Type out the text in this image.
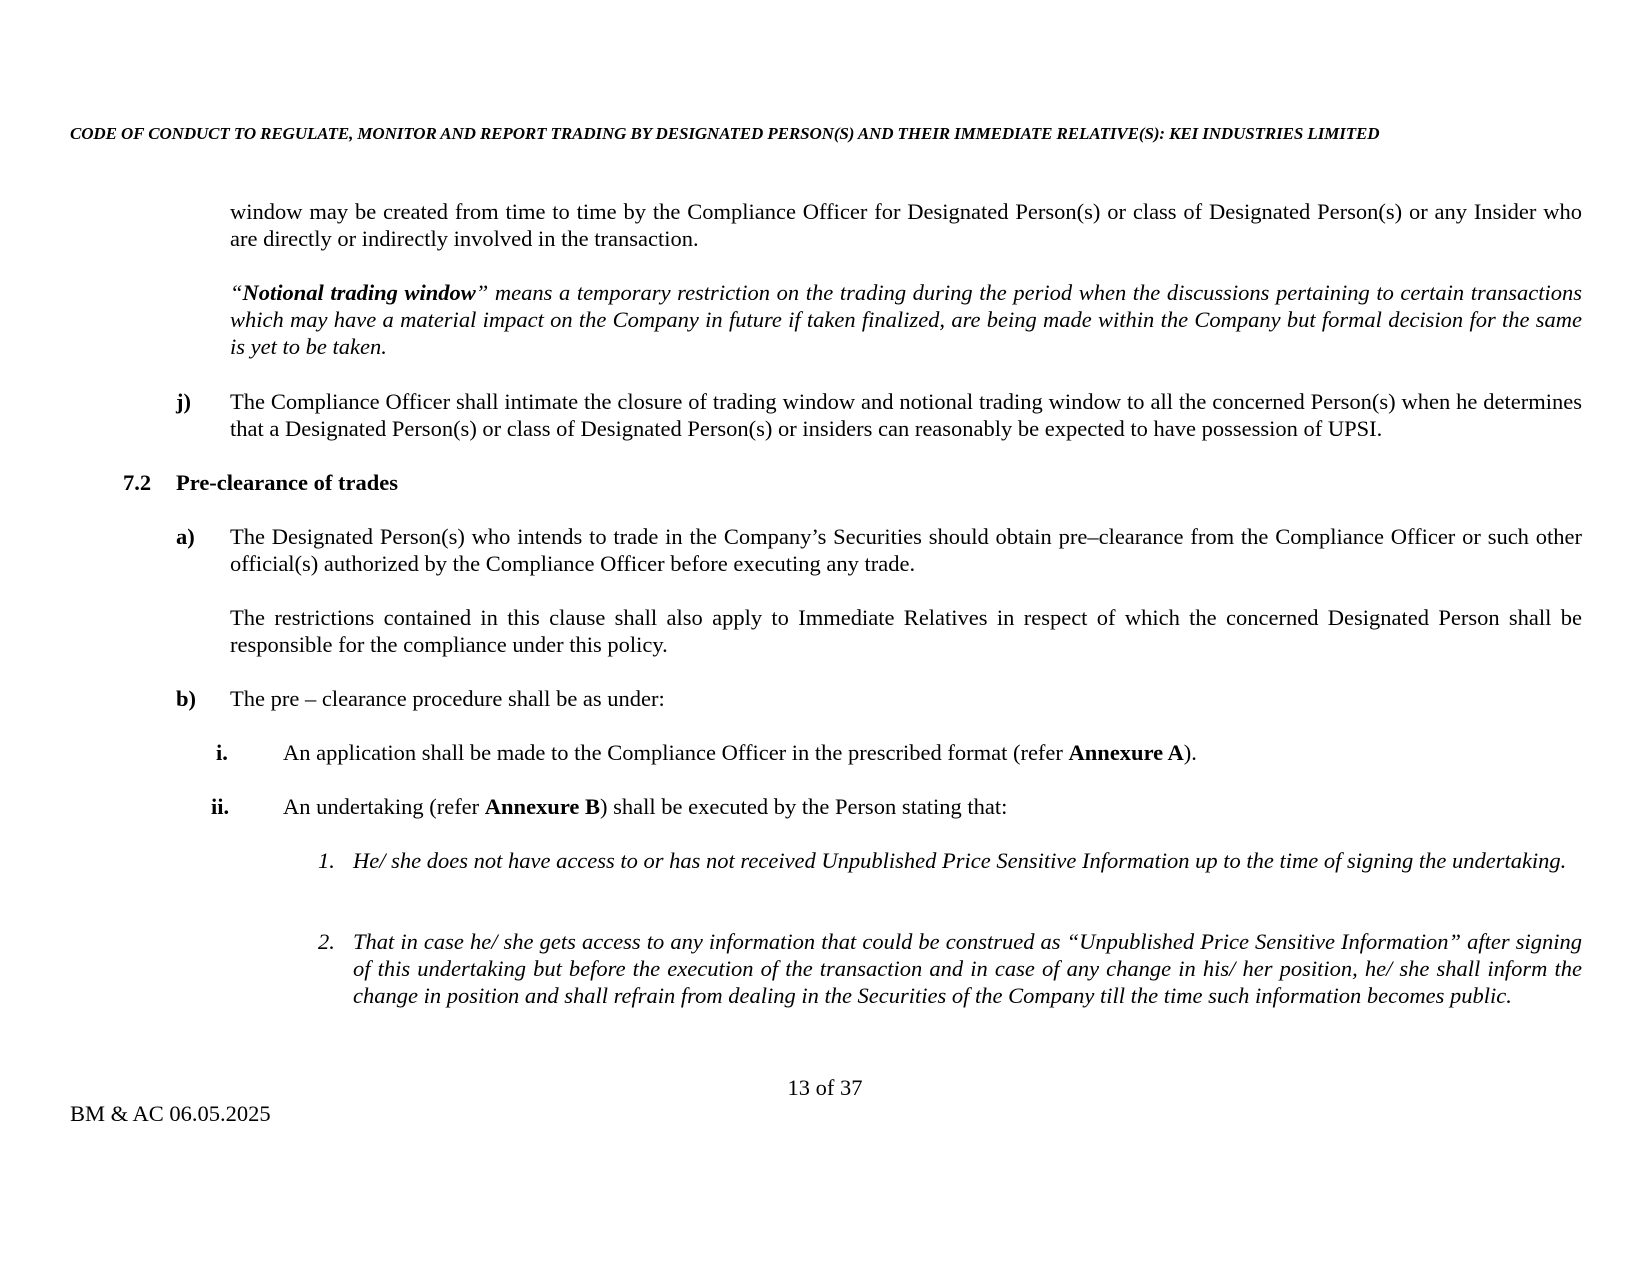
CODE OF CONDUCT TO REGULATE, MONITOR AND REPORT TRADING BY DESIGNATED PERSON(S) AND THEIR IMMEDIATE RELATIVE(S): KEI INDUSTRIES LIMITED
window may be created from time to time by the Compliance Officer for Designated Person(s) or class of Designated Person(s) or any Insider who are directly or indirectly involved in the transaction.
“Notional trading window” means a temporary restriction on the trading during the period when the discussions pertaining to certain transactions which may have a material impact on the Company in future if taken finalized, are being made within the Company but formal decision for the same is yet to be taken.
j) The Compliance Officer shall intimate the closure of trading window and notional trading window to all the concerned Person(s) when he determines that a Designated Person(s) or class of Designated Person(s) or insiders can reasonably be expected to have possession of UPSI.
7.2 Pre-clearance of trades
a) The Designated Person(s) who intends to trade in the Company’s Securities should obtain pre–clearance from the Compliance Officer or such other official(s) authorized by the Compliance Officer before executing any trade.
The restrictions contained in this clause shall also apply to Immediate Relatives in respect of which the concerned Designated Person shall be responsible for the compliance under this policy.
b) The pre – clearance procedure shall be as under:
i. An application shall be made to the Compliance Officer in the prescribed format (refer Annexure A).
ii. An undertaking (refer Annexure B) shall be executed by the Person stating that:
1. He/ she does not have access to or has not received Unpublished Price Sensitive Information up to the time of signing the undertaking.
2. That in case he/ she gets access to any information that could be construed as “Unpublished Price Sensitive Information” after signing of this undertaking but before the execution of the transaction and in case of any change in his/ her position, he/ she shall inform the change in position and shall refrain from dealing in the Securities of the Company till the time such information becomes public.
13 of 37
BM & AC 06.05.2025
